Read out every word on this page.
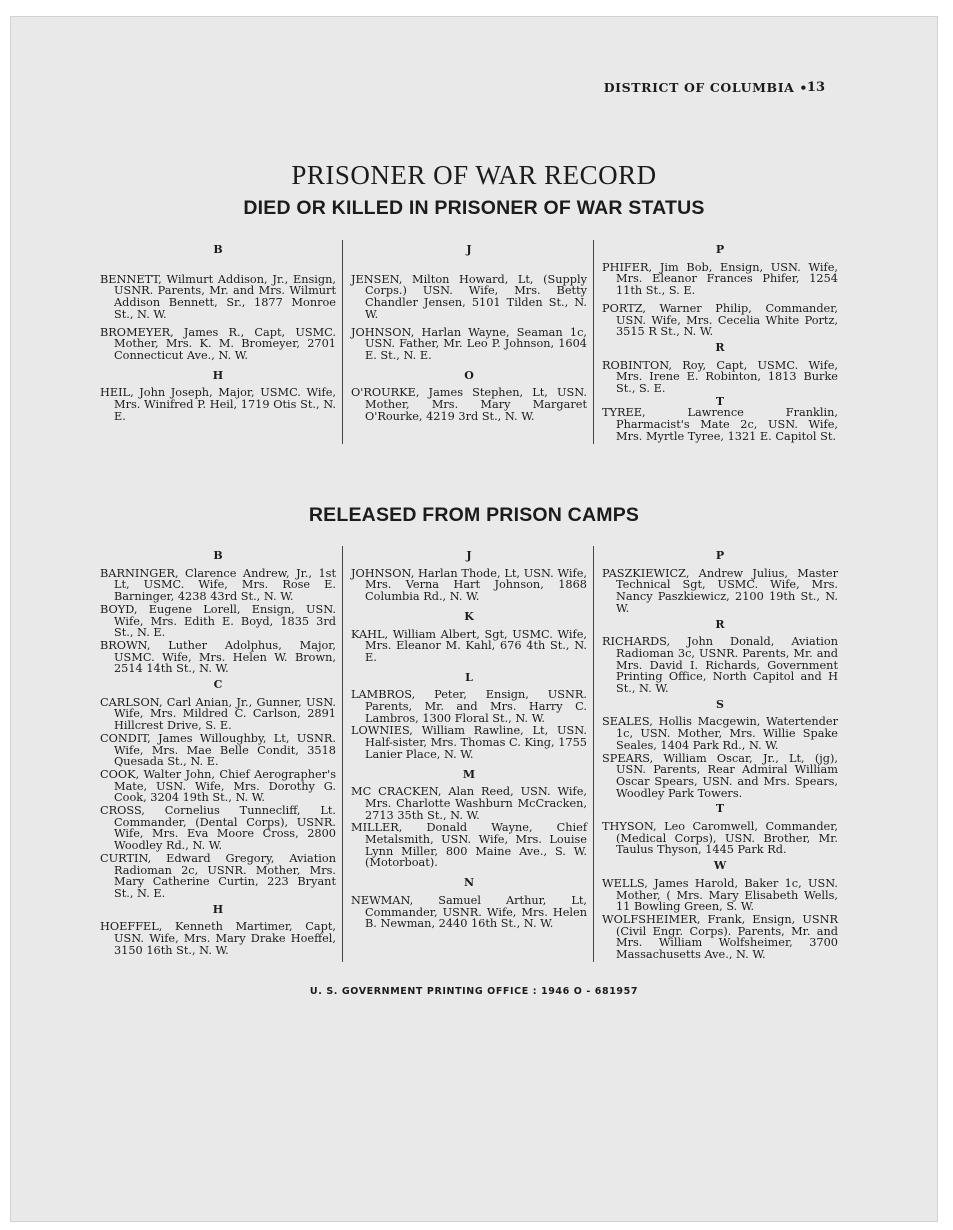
DISTRICT OF COLUMBIA •
13
PRISONER OF WAR RECORD
DIED OR KILLED IN PRISONER OF WAR STATUS
B
BENNETT, Wilmurt Addison, Jr., Ensign, USNR. Parents, Mr. and Mrs. Wilmurt Addison Bennett, Sr., 1877 Monroe St., N. W.
BROMEYER, James R., Capt, USMC. Mother, Mrs. K. M. Bromeyer, 2701 Connecticut Ave., N. W.
H
HEIL, John Joseph, Major, USMC. Wife, Mrs. Winifred P. Heil, 1719 Otis St., N. E.
J
JENSEN, Milton Howard, Lt, (Supply Corps.) USN. Wife, Mrs. Betty Chandler Jensen, 5101 Tilden St., N. W.
JOHNSON, Harlan Wayne, Seaman 1c, USN. Father, Mr. Leo P. Johnson, 1604 E. St., N. E.
O
O'ROURKE, James Stephen, Lt, USN. Mother, Mrs. Mary Margaret O'Rourke, 4219 3rd St., N. W.
P
PHIFER, Jim Bob, Ensign, USN. Wife, Mrs. Eleanor Frances Phifer, 1254 11th St., S. E.
PORTZ, Warner Philip, Commander, USN. Wife, Mrs. Cecelia White Portz, 3515 R St., N. W.
R
ROBINTON, Roy, Capt, USMC. Wife, Mrs. Irene E. Robinton, 1813 Burke St., S. E.
T
TYREE, Lawrence Franklin, Pharmacist's Mate 2c, USN. Wife, Mrs. Myrtle Tyree, 1321 E. Capitol St.
RELEASED FROM PRISON CAMPS
B
BARNINGER, Clarence Andrew, Jr., 1st Lt, USMC. Wife, Mrs. Rose E. Barninger, 4238 43rd St., N. W.
BOYD, Eugene Lorell, Ensign, USN. Wife, Mrs. Edith E. Boyd, 1835 3rd St., N. E.
BROWN, Luther Adolphus, Major, USMC. Wife, Mrs. Helen W. Brown, 2514 14th St., N. W.
C
CARLSON, Carl Anian, Jr., Gunner, USN. Wife, Mrs. Mildred C. Carlson, 2891 Hillcrest Drive, S. E.
CONDIT, James Willoughby, Lt, USNR. Wife, Mrs. Mae Belle Condit, 3518 Quesada St., N. E.
COOK, Walter John, Chief Aerographer's Mate, USN. Wife, Mrs. Dorothy G. Cook, 3204 19th St., N. W.
CROSS, Cornelius Tunnecliff, Lt. Commander, (Dental Corps), USNR. Wife, Mrs. Eva Moore Cross, 2800 Woodley Rd., N. W.
CURTIN, Edward Gregory, Aviation Radioman 2c, USNR. Mother, Mrs. Mary Catherine Curtin, 223 Bryant St., N. E.
H
HOEFFEL, Kenneth Martimer, Capt, USN. Wife, Mrs. Mary Drake Hoeffel, 3150 16th St., N. W.
J
JOHNSON, Harlan Thode, Lt, USN. Wife, Mrs. Verna Hart Johnson, 1868 Columbia Rd., N. W.
K
KAHL, William Albert, Sgt, USMC. Wife, Mrs. Eleanor M. Kahl, 676 4th St., N. E.
L
LAMBROS, Peter, Ensign, USNR. Parents, Mr. and Mrs. Harry C. Lambros, 1300 Floral St., N. W.
LOWNIES, William Rawline, Lt, USN. Half-sister, Mrs. Thomas C. King, 1755 Lanier Place, N. W.
M
MC CRACKEN, Alan Reed, USN. Wife, Mrs. Charlotte Washburn McCracken, 2713 35th St., N. W.
MILLER, Donald Wayne, Chief Metalsmith, USN. Wife, Mrs. Louise Lynn Miller, 800 Maine Ave., S. W. (Motorboat).
N
NEWMAN, Samuel Arthur, Lt, Commander, USNR. Wife, Mrs. Helen B. Newman, 2440 16th St., N. W.
P
PASZKIEWICZ, Andrew Julius, Master Technical Sgt, USMC. Wife, Mrs. Nancy Paszkiewicz, 2100 19th St., N. W.
R
RICHARDS, John Donald, Aviation Radioman 3c, USNR. Parents, Mr. and Mrs. David I. Richards, Government Printing Office, North Capitol and H St., N. W.
S
SEALES, Hollis Macgewin, Watertender 1c, USN. Mother, Mrs. Willie Spake Seales, 1404 Park Rd., N. W.
SPEARS, William Oscar, Jr., Lt, (jg), USN. Parents, Rear Admiral William Oscar Spears, USN. and Mrs. Spears, Woodley Park Towers.
T
THYSON, Leo Caromwell, Commander, (Medical Corps), USN. Brother, Mr. Taulus Thyson, 1445 Park Rd.
W
WELLS, James Harold, Baker 1c, USN. Mother, ( Mrs. Mary Elisabeth Wells, 11 Bowling Green, S. W.
WOLFSHEIMER, Frank, Ensign, USNR (Civil Engr. Corps). Parents, Mr. and Mrs. William Wolfsheimer, 3700 Massachusetts Ave., N. W.
U. S. GOVERNMENT PRINTING OFFICE : 1946 O - 681957
